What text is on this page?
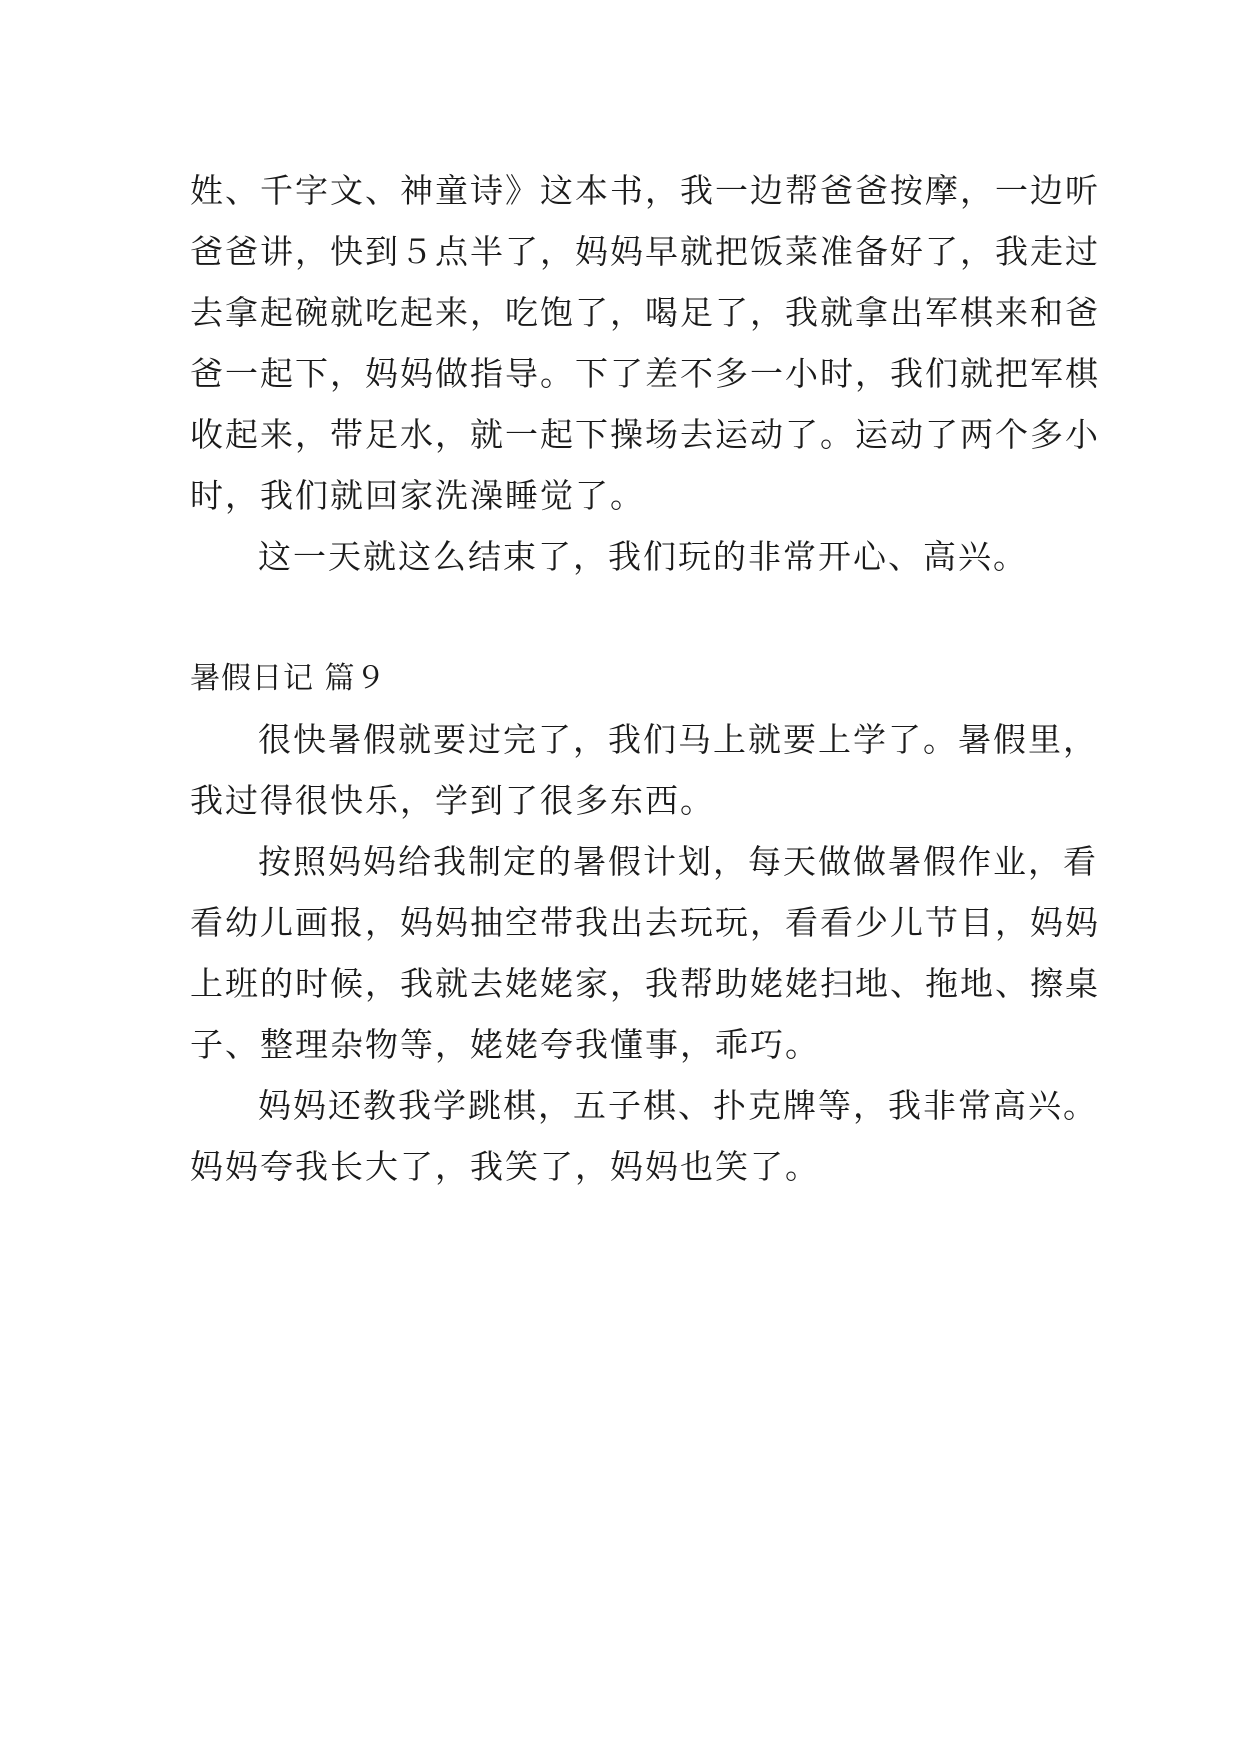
姓、千字文、神童诗》这本书，我一边帮爸爸按摩，一边听
爸爸讲，快到５点半了，妈妈早就把饭菜准备好了，我走过
去拿起碗就吃起来，吃饱了，喝足了，我就拿出军棋来和爸
爸一起下，妈妈做指导。下了差不多一小时，我们就把军棋
收起来，带足水，就一起下操场去运动了。运动了两个多小
时，我们就回家洗澡睡觉了。
这一天就这么结束了，我们玩的非常开心、高兴。
暑假日记 篇９
很快暑假就要过完了，我们马上就要上学了。暑假里，
我过得很快乐，学到了很多东西。
按照妈妈给我制定的暑假计划，每天做做暑假作业，看
看幼儿画报，妈妈抽空带我出去玩玩，看看少儿节目，妈妈
上班的时候，我就去姥姥家，我帮助姥姥扫地、拖地、擦桌
子、整理杂物等，姥姥夸我懂事，乖巧。
妈妈还教我学跳棋，五子棋、扑克牌等，我非常高兴。
妈妈夸我长大了，我笑了，妈妈也笑了。
